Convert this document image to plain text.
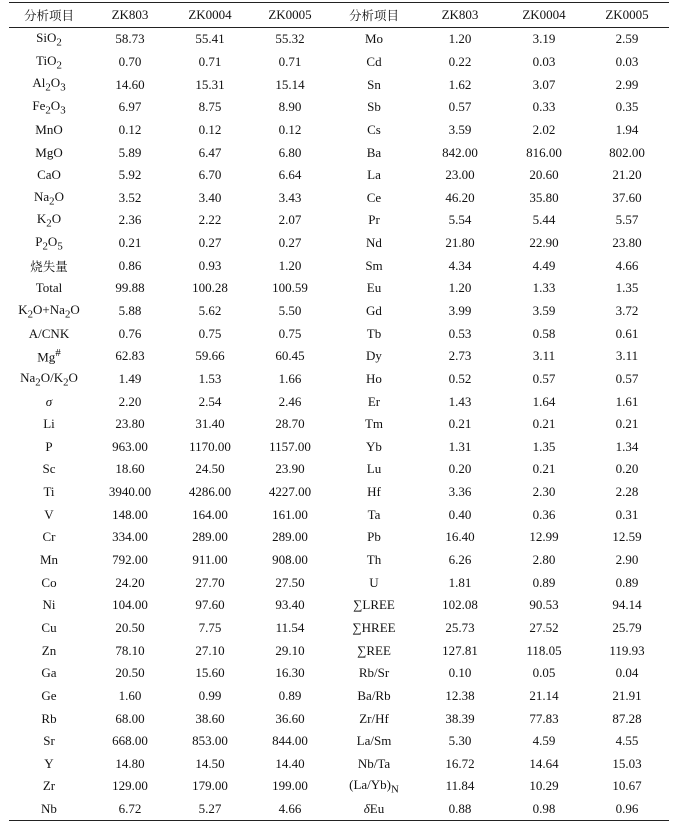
分析项目	ZK803	ZK0004	ZK0005	分析项目	ZK803	ZK0004	ZK0005
SiO$_2$	58.73	55.41	55.32	Mo	1.20	3.19	2.59
TiO$_2$	0.70	0.71	0.71	Cd	0.22	0.03	0.03
$Al_2O_3$	14.60	15.31	15.14	Sn	1.62	3.07	2.99
$Fe_2O_3$	6.97	8.75	8.90	Sb	0.57	0.33	0.35
MnO	0.12	0.12	0.12	Cs	3.59	2.02	1.94
MgO	5.89	6.47	6.80	Ba	842.00	816.00	802.00
CaO	5.92	6.70	6.64	La	23.00	20.60	21.20
$Na_2O$	3.52	3.40	3.43	Ce	46.20	35.80	37.60
$K_2O$	2.36	2.22	2.07	Pr	5.54	5.44	5.57
$P_2O_5$	0.21	0.27	0.27	Nd	21.80	22.90	23.80
烧失量	0.86	0.93	1.20	Sm	4.34	4.49	4.66
Total	99.88	100.28	100.59	Eu	1.20	1.33	1.35
$K_2O+Na_2O$	5.88	5.62	5.50	Gd	3.99	3.59	3.72
A/CNK	0.76	0.75	0.75	Tb	0.53	0.58	0.61
Mg#	62.83	59.66	60.45	Dy	2.73	3.11	3.11
$Na_2O/K_2O$	1.49	1.53	1.66	Ho	0.52	0.57	0.57
σ	2.20	2.54	2.46	Er	1.43	1.64	1.61
Li	23.80	31.40	28.70	Tm	0.21	0.21	0.21
P	963.00	1170.00	1157.00	Yb	1.31	1.35	1.34
Sc	18.60	24.50	23.90	Lu	0.20	0.21	0.20
Ti	3940.00	4286.00	4227.00	Hf	3.36	2.30	2.28
V	148.00	164.00	161.00	Ta	0.40	0.36	0.31
Cr	334.00	289.00	289.00	Pb	16.40	12.99	12.59
Mn	792.00	911.00	908.00	Th	6.26	2.80	2.90
Co	24.20	27.70	27.50	U	1.81	0.89	0.89
Ni	104.00	97.60	93.40	∑LREE	102.08	90.53	94.14
Cu	20.50	7.75	11.54	∑HREE	25.73	27.52	25.79
Zn	78.10	27.10	29.10	∑REE	127.81	118.05	119.93
Ga	20.50	15.60	16.30	Rb/Sr	0.10	0.05	0.04
Ge	1.60	0.99	0.89	Ba/Rb	12.38	21.14	21.91
Rb	68.00	38.60	36.60	Zr/Hf	38.39	77.83	87.28
Sr	668.00	853.00	844.00	La/Sm	5.30	4.59	4.55
Y	14.80	14.50	14.40	Nb/Ta	16.72	14.64	15.03
Zr	129.00	179.00	199.00	$(La/Yb)_N$	11.84	10.29	10.67
Nb	6.72	5.27	4.66	δEu	0.88	0.98	0.96
